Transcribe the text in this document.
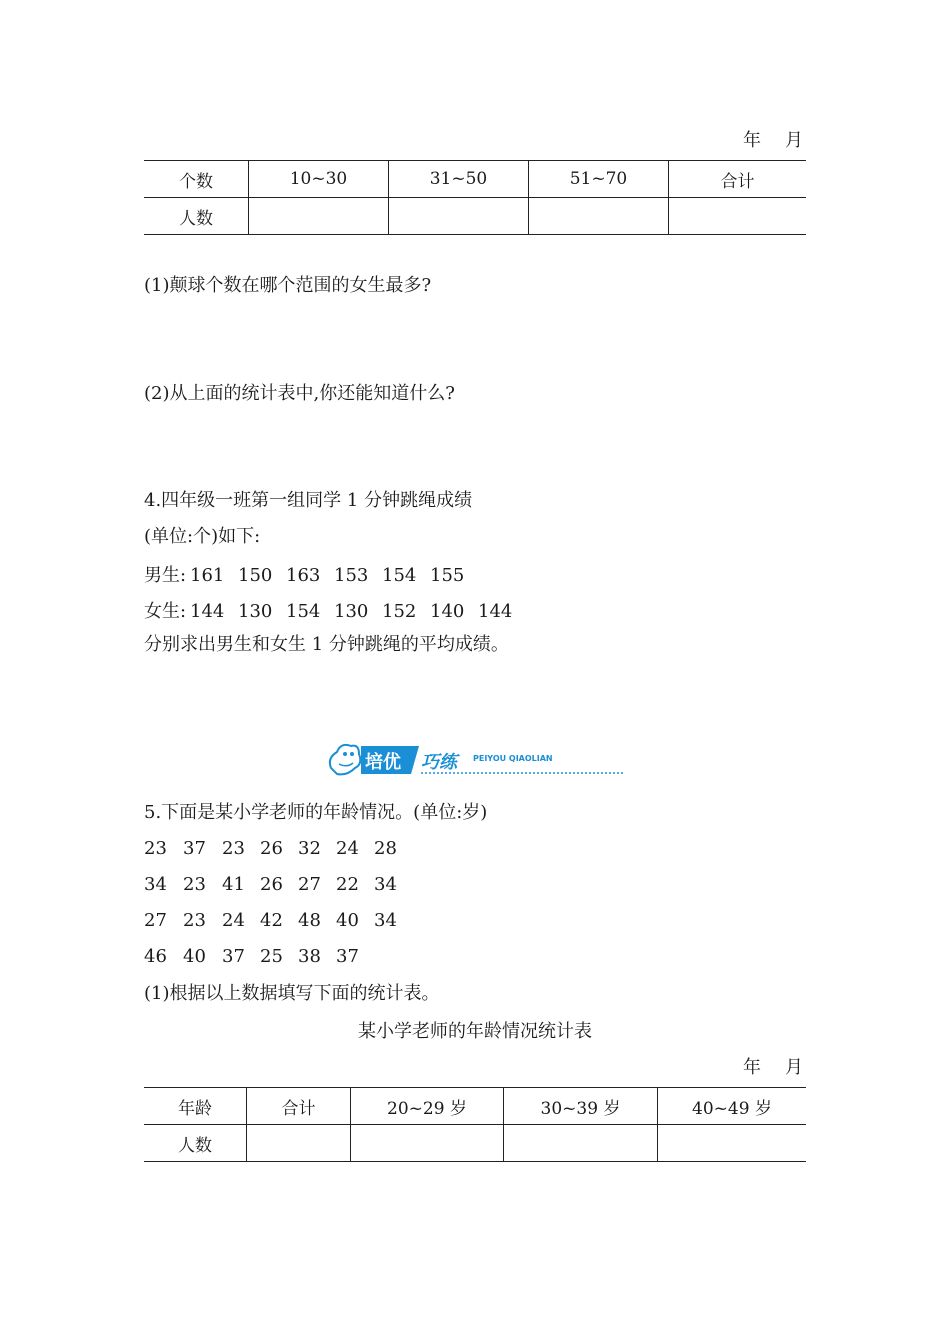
年 月
个数	10~30	31~50	51~70	合计
人数				
(1)颠球个数在哪个范围的女生最多?
(2)从上面的统计表中,你还能知道什么?
4.四年级一班第一组同学 1 分钟跳绳成绩
(单位:个)如下:
男生: 161 150 163 153 154 155
女生: 144 130 154 130 152 140 144
分别求出男生和女生 1 分钟跳绳的平均成绩。
培优 巧练 PEIYOU QIAOLIAN
5.下面是某小学老师的年龄情况。(单位:岁)
23 37 23 26 32 24 28
34 23 41 26 27 22 34
27 23 24 42 48 40 34
46 40 37 25 38 37
(1)根据以上数据填写下面的统计表。
某小学老师的年龄情况统计表
年 月
年龄	合计	20~29 岁	30~39 岁	40~49 岁
人数				
